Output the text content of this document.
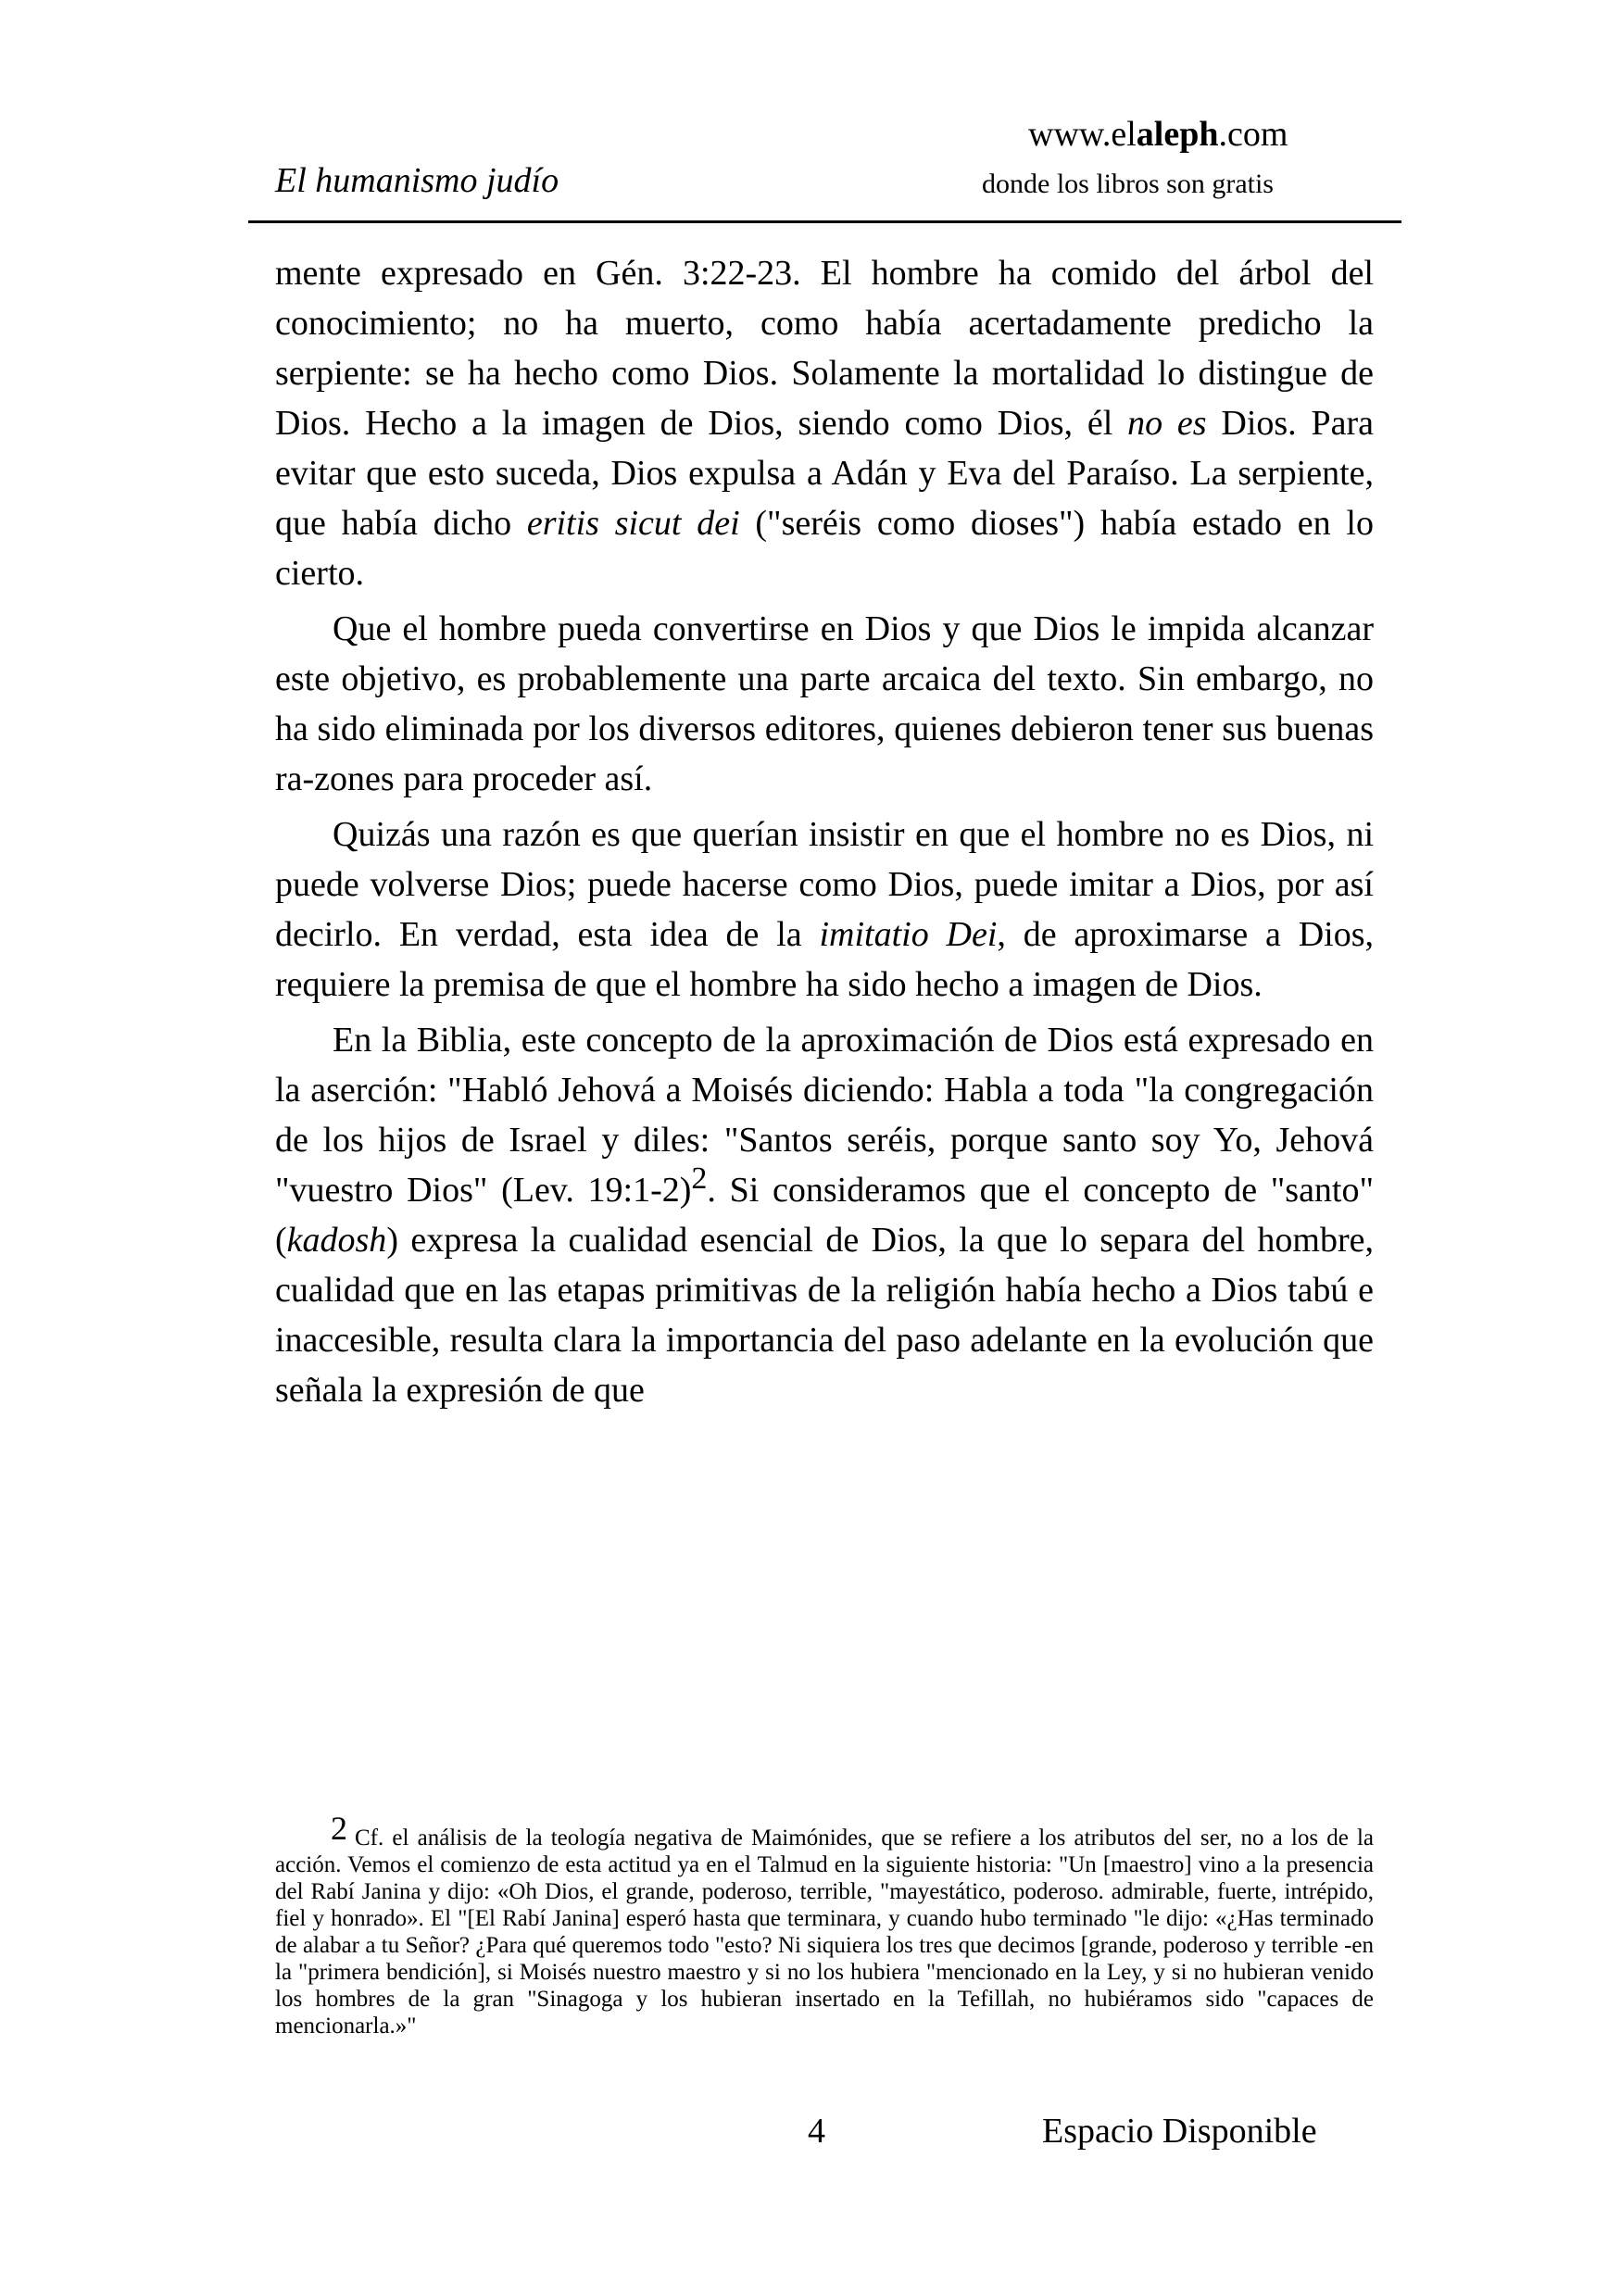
www.elaleph.com
El humanismo judío	donde los libros son gratis

mente expresado en Gén. 3:22-23. El hombre ha comido del árbol del conocimiento; no ha muerto, como había acertadamente predicho la serpiente: se ha hecho como Dios. Solamente la mortalidad lo distingue de Dios. Hecho a la imagen de Dios, siendo como Dios, él no es Dios. Para evitar que esto suceda, Dios expulsa a Adán y Eva del Paraíso. La serpiente, que había dicho eritis sicut dei ("seréis como dioses") había estado en lo cierto.

Que el hombre pueda convertirse en Dios y que Dios le impida alcanzar este objetivo, es probablemente una parte arcaica del texto. Sin embargo, no ha sido eliminada por los diversos editores, quienes debieron tener sus buenas ra-zones para proceder así.

Quizás una razón es que querían insistir en que el hombre no es Dios, ni puede volverse Dios; puede hacerse como Dios, puede imitar a Dios, por así decirlo. En verdad, esta idea de la imitatio Dei, de aproximarse a Dios, requiere la premisa de que el hombre ha sido hecho a imagen de Dios.

En la Biblia, este concepto de la aproximación de Dios está expresado en la aserción: "Habló Jehová a Moisés diciendo: Habla a toda "la congregación de los hijos de Israel y diles: "Santos seréis, porque santo soy Yo, Jehová "vuestro Dios" (Lev. 19:1-2)$^2$. Si consideramos que el concepto de "santo" (kadosh) expresa la cualidad esencial de Dios, la que lo separa del hombre, cualidad que en las etapas primitivas de la religión había hecho a Dios tabú e inaccesible, resulta clara la importancia del paso adelante en la evolución que señala la expresión de que

2 Cf. el análisis de la teología negativa de Maimónides, que se refiere a los atributos del ser, no a los de la acción. Vemos el comienzo de esta actitud ya en el Talmud en la siguiente historia: "Un [maestro] vino a la presencia del Rabí Janina y dijo: «Oh Dios, el grande, poderoso, terrible, "mayestático, poderoso. admirable, fuerte, intrépido, fiel y honrado». El "[El Rabí Janina] esperó hasta que terminara, y cuando hubo terminado "le dijo: «¿Has terminado de alabar a tu Señor? ¿Para qué queremos todo "esto? Ni siquiera los tres que decimos [grande, poderoso y terrible -en la "primera bendición], si Moisés nuestro maestro y si no los hubiera "mencionado en la Ley, y si no hubieran venido los hombres de la gran "Sinagoga y los hubieran insertado en la Tefillah, no hubiéramos sido "capaces de mencionarla.»"
4	Espacio Disponible
